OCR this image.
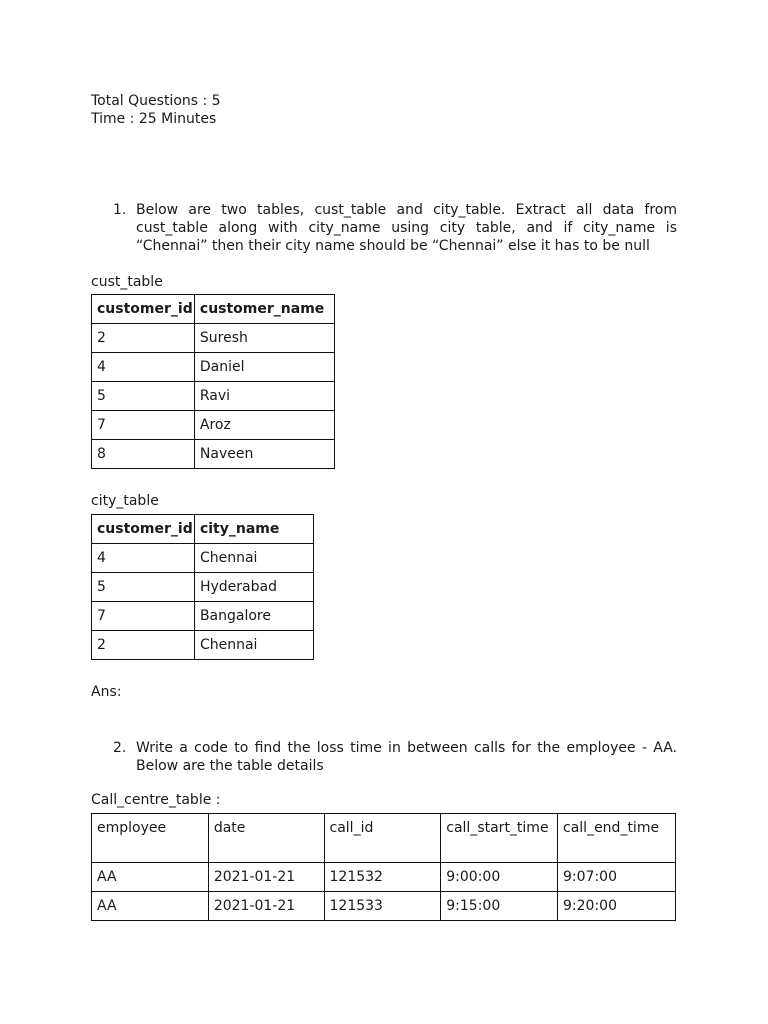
Total Questions : 5
Time : 25 Minutes
1. Below are two tables, cust_table and city_table. Extract all data from cust_table along with city_name using city table, and if city_name is “Chennai” then their city name should be “Chennai” else it has to be null
cust_table
customer_id	customer_name
2	Suresh
4	Daniel
5	Ravi
7	Aroz
8	Naveen
city_table
customer_id	city_name
4	Chennai
5	Hyderabad
7	Bangalore
2	Chennai
Ans:
2. Write a code to find the loss time in between calls for the employee - AA. Below are the table details
Call_centre_table :
employee	date	call_id	call_start_time	call_end_time
AA	2021-01-21	121532	9:00:00	9:07:00
AA	2021-01-21	121533	9:15:00	9:20:00
